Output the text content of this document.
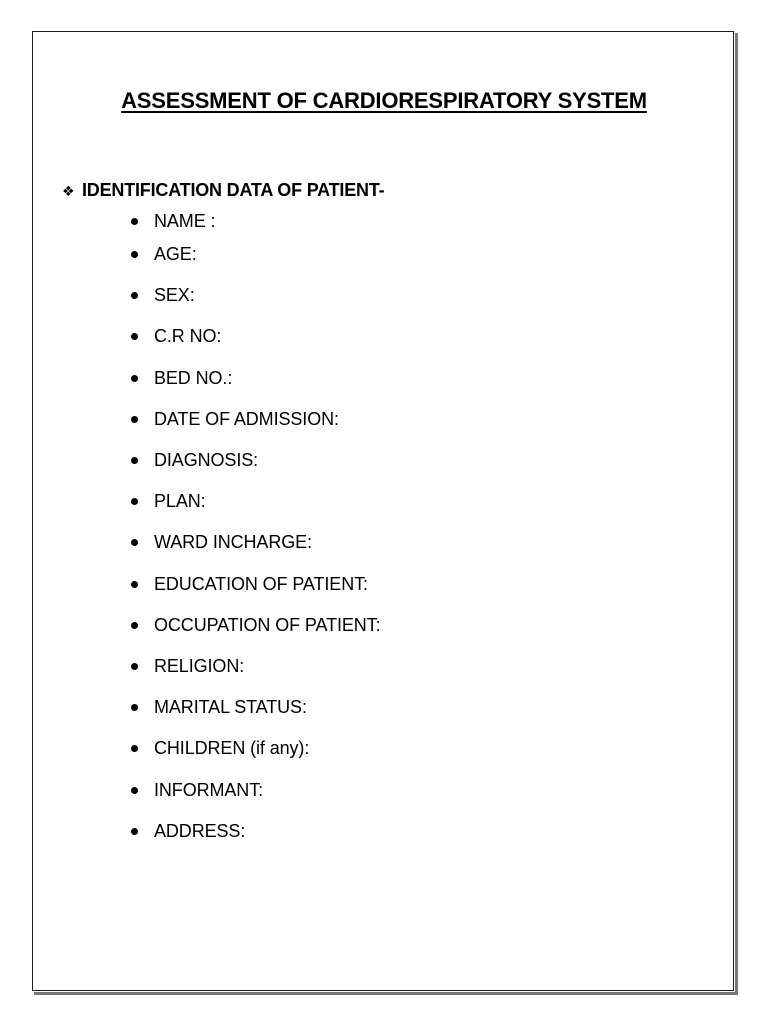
ASSESSMENT OF CARDIORESPIRATORY SYSTEM
❖ IDENTIFICATION DATA OF PATIENT-
NAME :
AGE:
SEX:
C.R NO:
BED NO.:
DATE OF ADMISSION:
DIAGNOSIS:
PLAN:
WARD INCHARGE:
EDUCATION OF PATIENT:
OCCUPATION OF PATIENT:
RELIGION:
MARITAL STATUS:
CHILDREN (if any):
INFORMANT:
ADDRESS:
